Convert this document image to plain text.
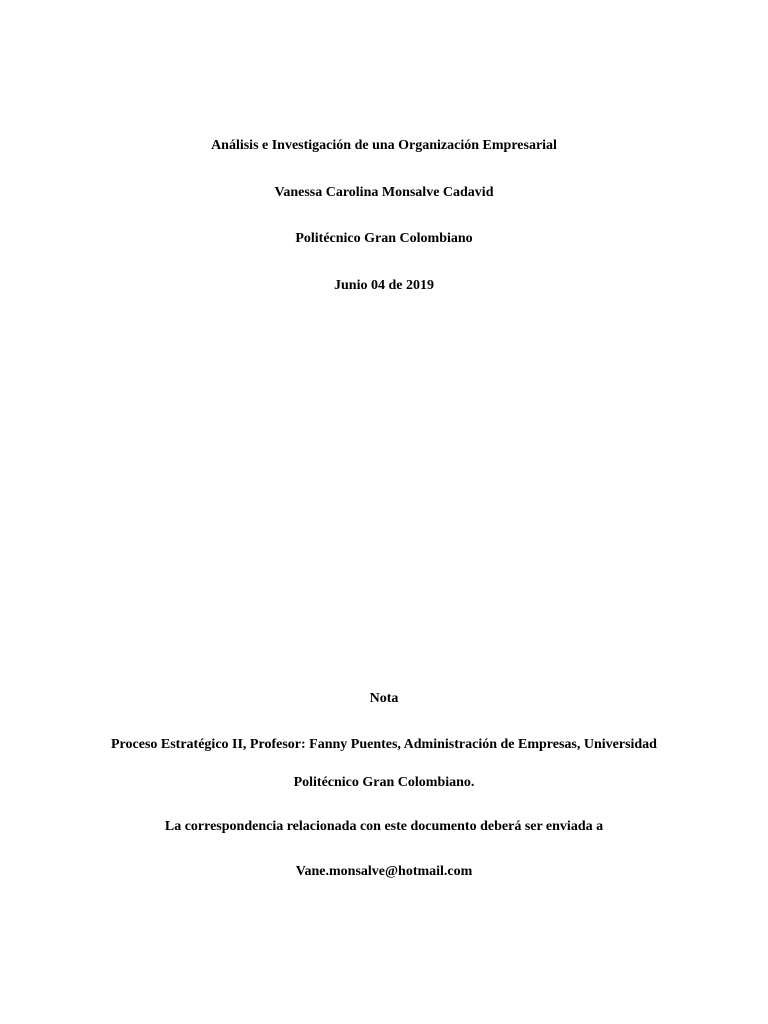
Análisis e Investigación de una Organización Empresarial
Vanessa Carolina Monsalve Cadavid
Politécnico Gran Colombiano
Junio 04 de 2019
Nota
Proceso Estratégico II, Profesor: Fanny Puentes, Administración de Empresas, Universidad
Politécnico Gran Colombiano.
La correspondencia relacionada con este documento deberá ser enviada a
Vane.monsalve@hotmail.com
